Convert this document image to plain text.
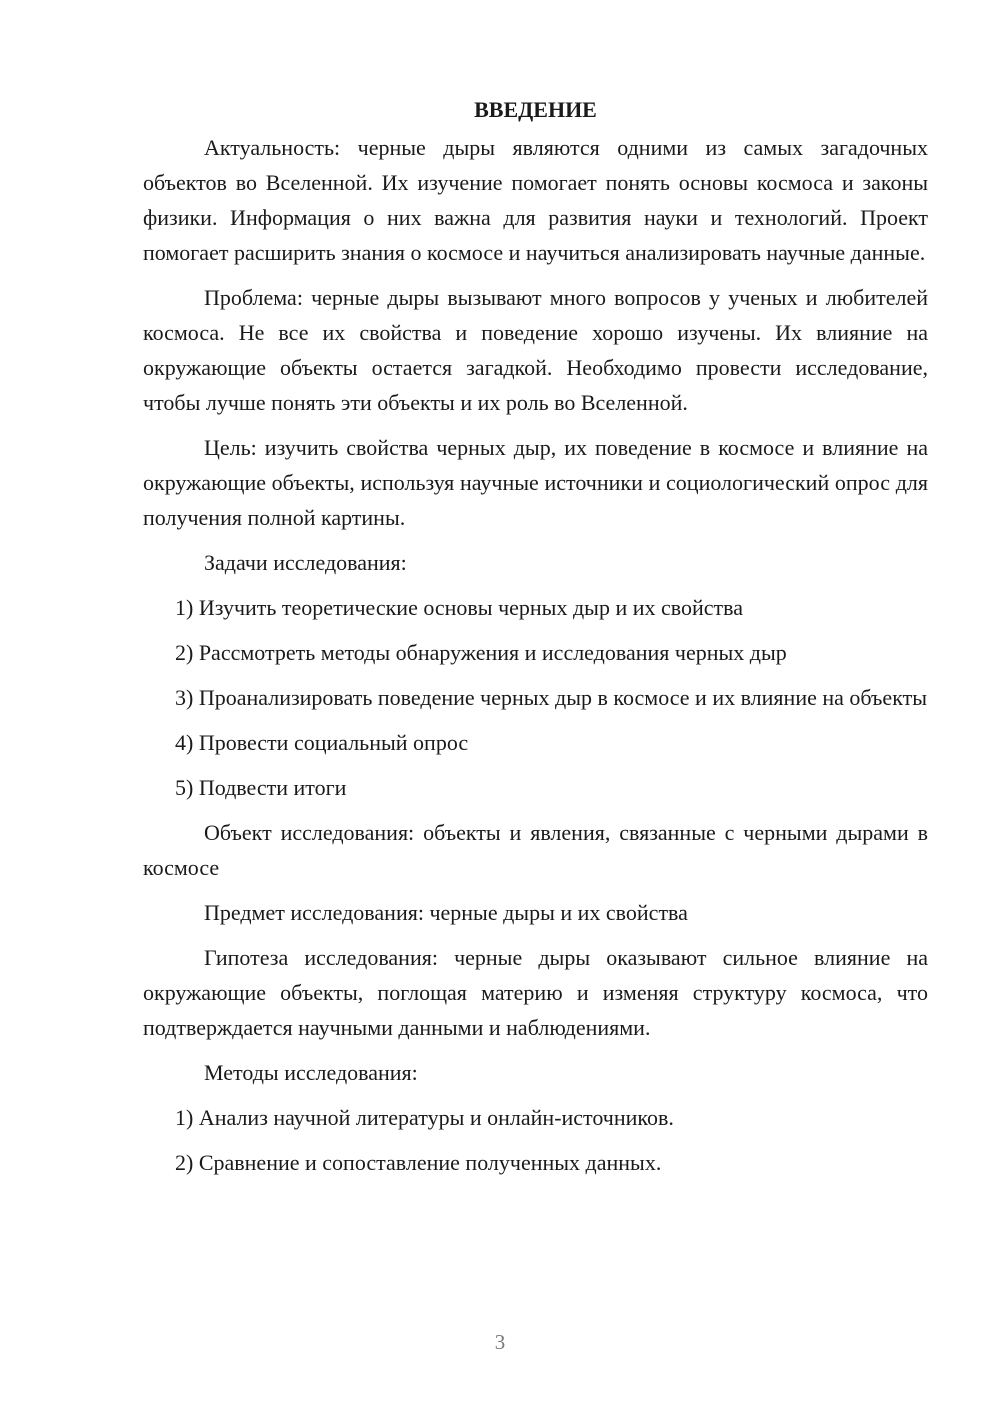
ВВЕДЕНИЕ

Актуальность: черные дыры являются одними из самых загадочных объектов во Вселенной. Их изучение помогает понять основы космоса и законы физики. Информация о них важна для развития науки и технологий. Проект помогает расширить знания о космосе и научиться анализировать научные данные.

Проблема: черные дыры вызывают много вопросов у ученых и любителей космоса. Не все их свойства и поведение хорошо изучены. Их влияние на окружающие объекты остается загадкой. Необходимо провести исследование, чтобы лучше понять эти объекты и их роль во Вселенной.

Цель: изучить свойства черных дыр, их поведение в космосе и влияние на окружающие объекты, используя научные источники и социологический опрос для получения полной картины.

Задачи исследования:

1) Изучить теоретические основы черных дыр и их свойства

2) Рассмотреть методы обнаружения и исследования черных дыр

3) Проанализировать поведение черных дыр в космосе и их влияние на объекты

4) Провести социальный опрос

5) Подвести итоги

Объект исследования: объекты и явления, связанные с черными дырами в космосе

Предмет исследования: черные дыры и их свойства

Гипотеза исследования: черные дыры оказывают сильное влияние на окружающие объекты, поглощая материю и изменяя структуру космоса, что подтверждается научными данными и наблюдениями.

Методы исследования:

1) Анализ научной литературы и онлайн-источников.

2) Сравнение и сопоставление полученных данных.

3
